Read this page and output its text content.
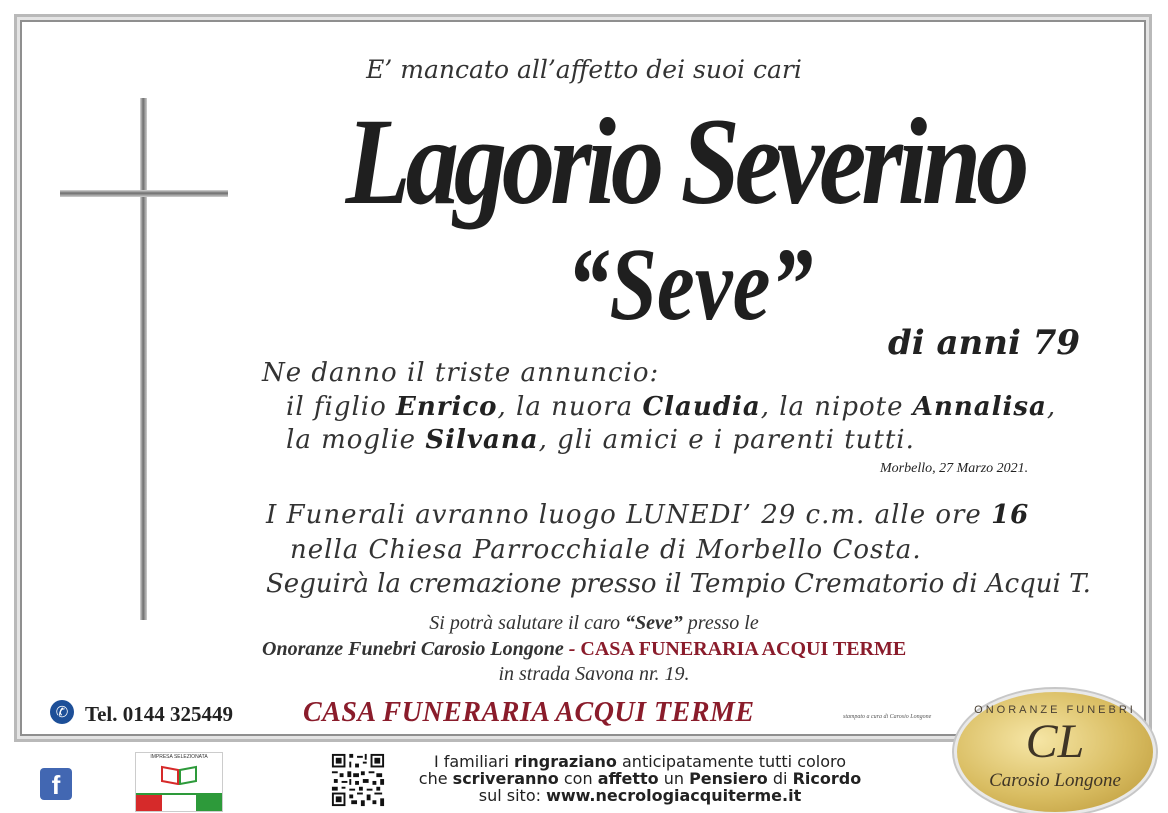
E’ mancato all’affetto dei suoi cari
Lagorio Severino
“Seve”
di anni 79
Ne danno il triste annuncio:
il figlio Enrico, la nuora Claudia, la nipote Annalisa,
la moglie Silvana, gli amici e i parenti tutti.
Morbello, 27 Marzo 2021.
I Funerali avranno luogo LUNEDI’ 29 c.m. alle ore 16
nella Chiesa Parrocchiale di Morbello Costa.
Seguirà la cremazione presso il Tempio Crematorio di Acqui T.
Si potrà salutare il caro “Seve” presso le
Onoranze Funebri Carosio Longone - CASA FUNERARIA ACQUI TERME
in strada Savona nr. 19.
✆ Tel. 0144 325449	CASA FUNERARIA ACQUI TERME	stampato a cura di Carosio Longone
ONORANZE FUNEBRI
CL
Carosio Longone
f
IMPRESA SELEZIONATA	I familiari ringraziano anticipatamente tutti coloro
che scriveranno con affetto un Pensiero di Ricordo
sul sito: www.necrologiacquiterme.it
